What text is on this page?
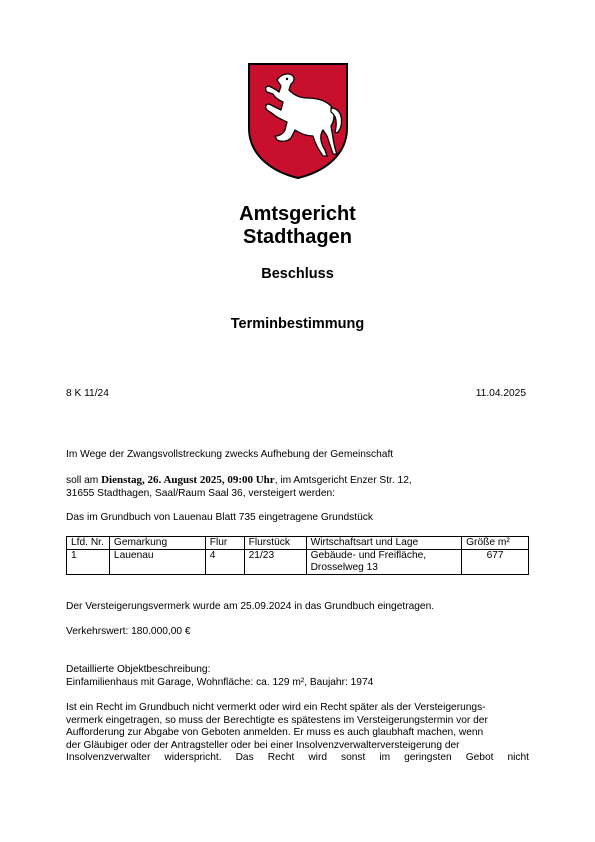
Amtsgericht
Stadthagen
Beschluss
Terminbestimmung
8 K 11/24	11.04.2025
Im Wege der Zwangsvollstreckung zwecks Aufhebung der Gemeinschaft
soll am Dienstag, 26. August 2025, 09:00 Uhr, im Amtsgericht Enzer Str. 12,
31655 Stadthagen, Saal/Raum Saal 36, versteigert werden:
Das im Grundbuch von Lauenau Blatt 735 eingetragene Grundstück
Lfd. Nr.	Gemarkung	Flur	Flurstück	Wirtschaftsart und Lage	Größe m²
1	Lauenau	4	21/23	Gebäude- und Freifläche,
Drosselweg 13	677
Der Versteigerungsvermerk wurde am 25.09.2024 in das Grundbuch eingetragen.
Verkehrswert: 180.000,00 €
Detaillierte Objektbeschreibung:
Einfamilienhaus mit Garage, Wohnfläche: ca. 129 m², Baujahr: 1974
Ist ein Recht im Grundbuch nicht vermerkt oder wird ein Recht später als der Versteigerungs-
vermerk eingetragen, so muss der Berechtigte es spätestens im Versteigerungstermin vor der
Aufforderung zur Abgabe von Geboten anmelden. Er muss es auch glaubhaft machen, wenn
der Gläubiger oder der Antragsteller oder bei einer Insolvenzverwalterversteigerung der
Insolvenzverwalter widerspricht. Das Recht wird sonst im geringsten Gebot nicht
